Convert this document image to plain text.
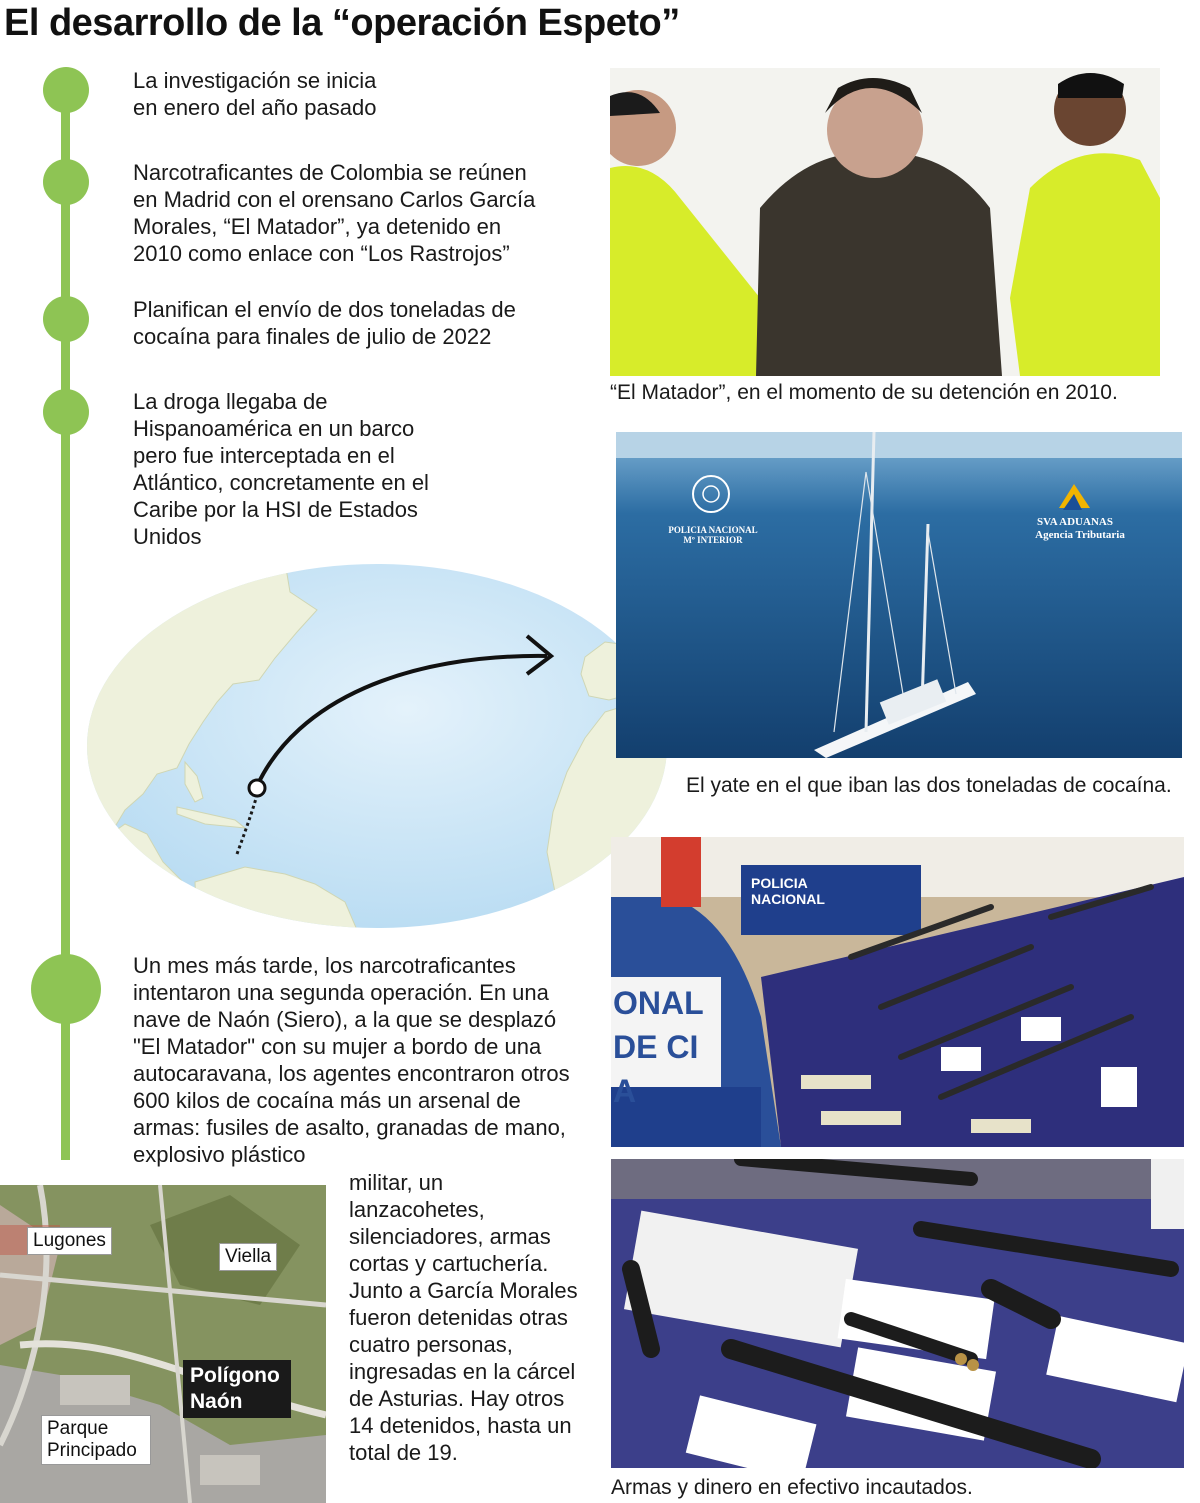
El desarrollo de la “operación Espeto”

La investigación se inicia en enero del año pasado

Narcotraficantes de Colombia se reúnen en Madrid con el orensano Carlos García Morales, “El Matador”, ya detenido en 2010 como enlace con “Los Rastrojos”

Planifican el envío de dos toneladas de cocaína para finales de julio de 2022

La droga llegaba de Hispanoamérica en un barco pero fue interceptada en el Atlántico, concretamente en el Caribe por la HSI de Estados Unidos

Un mes más tarde, los narcotraficantes intentaron una segunda operación. En una nave de Naón (Siero), a la que se desplazó "El Matador" con su mujer a bordo de una autocaravana, los agentes encontraron otros 600 kilos de cocaína más un arsenal de armas: fusiles de asalto, granadas de mano, explosivo plástico

militar, un lanzacohetes, silenciadores, armas cortas y cartuchería. Junto a García Morales fueron detenidas otras cuatro personas, ingresadas en la cárcel de Asturias. Hay otros 14 detenidos, hasta un total de 19.

“El Matador”, en el momento de su detención en 2010.

POLICIA NACIONAL
Mº INTERIOR
SVA ADUANAS
Agencia Tributaria

El yate en el que iban las dos toneladas de cocaína.

POLICIA NACIONAL
ONAL DE CIA

Armas y dinero en efectivo incautados.

Lugones
Viella
Parque Principado
Polígono
Naón
